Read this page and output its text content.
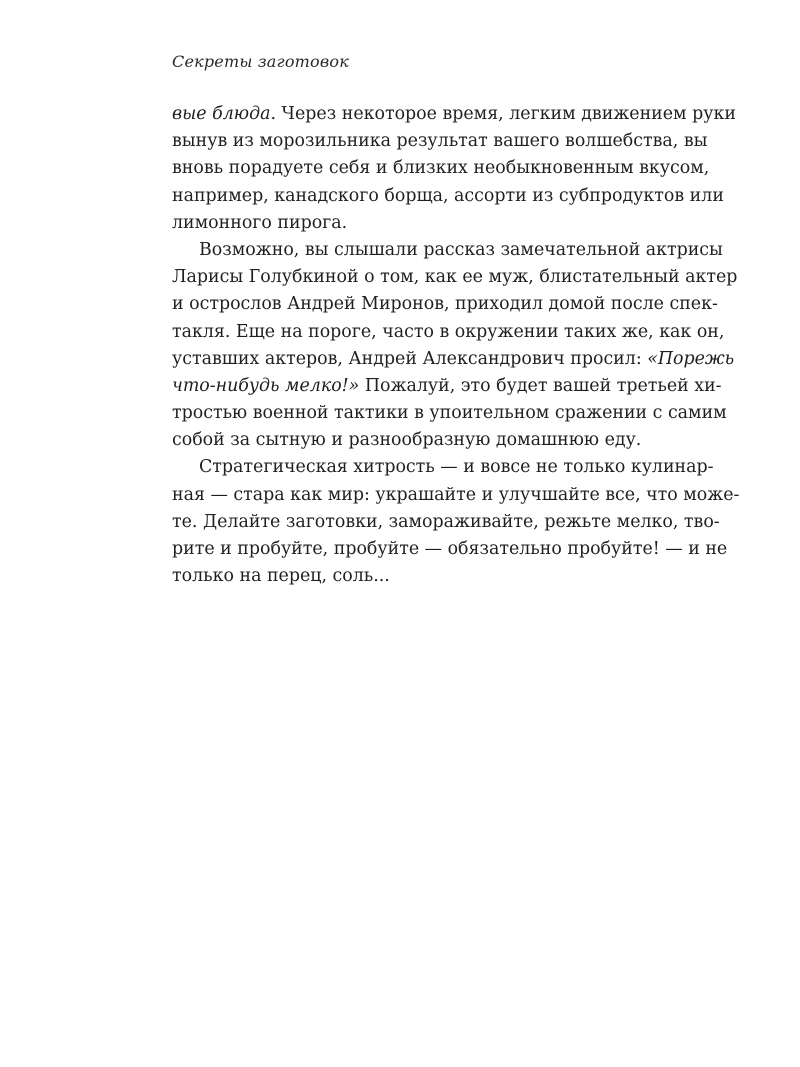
Секреты заготовок
вые блюда. Через некоторое время, легким движением руки
вынув из морозильника результат вашего волшебства, вы
вновь порадуете себя и близких необыкновенным вкусом,
например, канадского борща, ассорти из субпродуктов или
лимонного пирога.
Возможно, вы слышали рассказ замечательной актрисы
Ларисы Голубкиной о том, как ее муж, блистательный актер
и острослов Андрей Миронов, приходил домой после спек-
такля. Еще на пороге, часто в окружении таких же, как он,
уставших актеров, Андрей Александрович просил: «Порежь
что-нибудь мелко!» Пожалуй, это будет вашей третьей хи-
тростью военной тактики в упоительном сражении с самим
собой за сытную и разнообразную домашнюю еду.
Стратегическая хитрость — и вовсе не только кулинар-
ная — стара как мир: украшайте и улучшайте все, что може-
те. Делайте заготовки, замораживайте, режьте мелко, тво-
рите и пробуйте, пробуйте — обязательно пробуйте! — и не
только на перец, соль...
